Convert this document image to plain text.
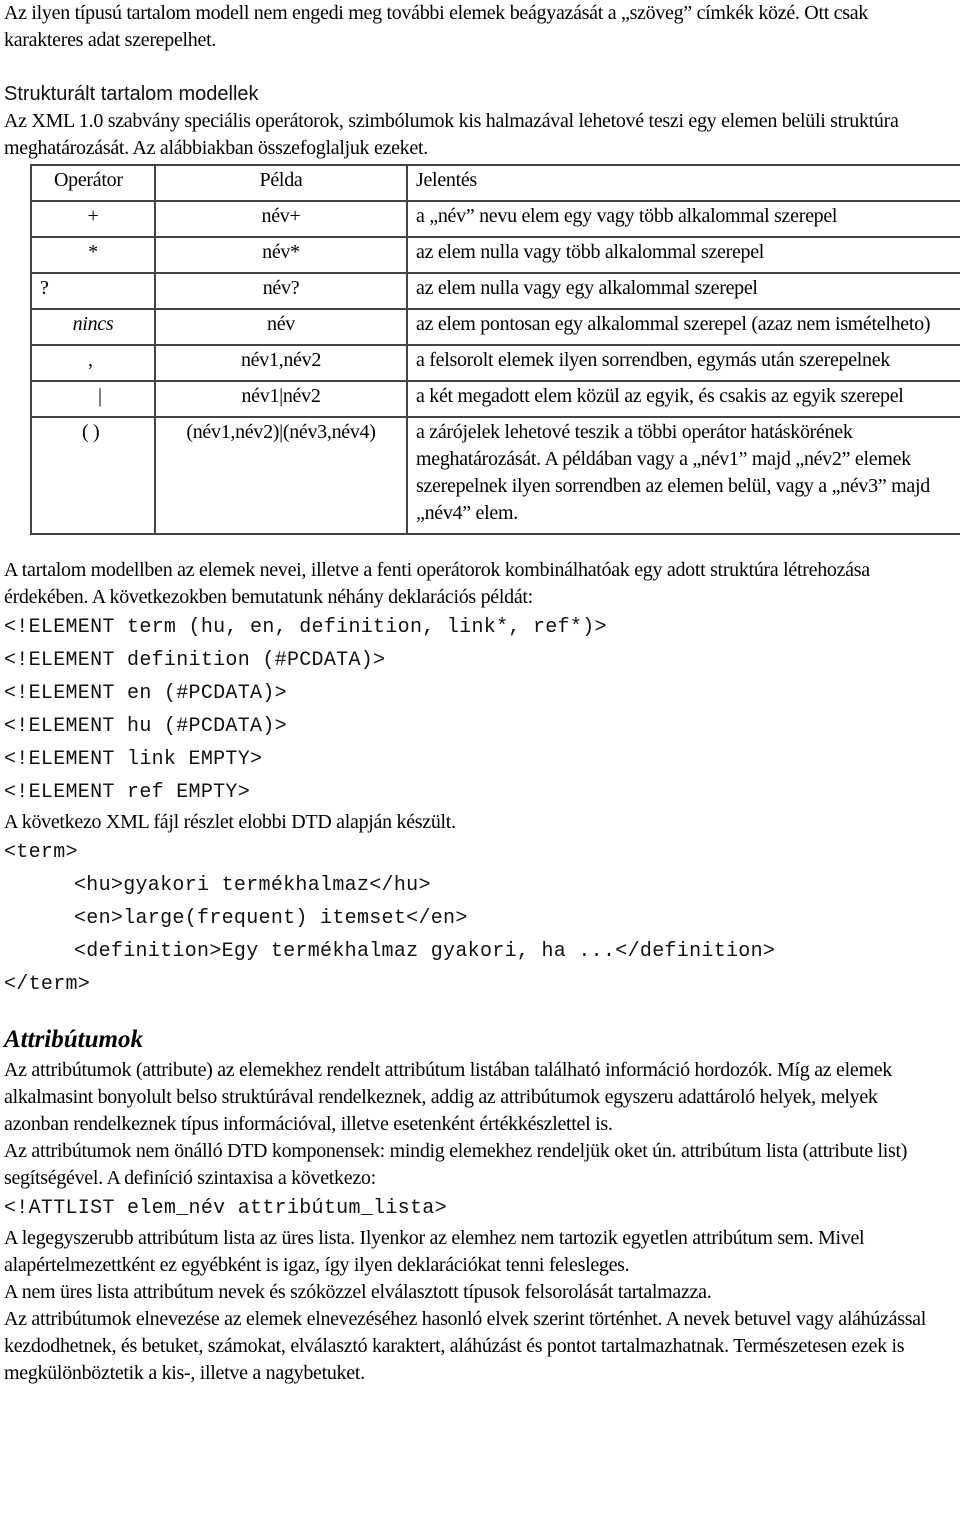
Az ilyen típusú tartalom modell nem engedi meg további elemek beágyazását a „szöveg” címkék közé. Ott csak karakteres adat szerepelhet.

Strukturált tartalom modellek

Az XML 1.0 szabvány speciális operátorok, szimbólumok kis halmazával lehetové teszi egy elemen belüli struktúra meghatározását. Az alábbiakban összefoglaljuk ezeket.

Operátor	Példa	Jelentés
+	név+	a „név” nevu elem egy vagy több alkalommal szerepel
*	név*	az elem nulla vagy több alkalommal szerepel
?	név?	az elem nulla vagy egy alkalommal szerepel
nincs	név	az elem pontosan egy alkalommal szerepel (azaz nem ismételheto)
,	név1,név2	a felsorolt elemek ilyen sorrendben, egymás után szerepelnek
|	név1|név2	a két megadott elem közül az egyik, és csakis az egyik szerepel
( )	(név1,név2)|(név3,név4)	a zárójelek lehetové teszik a többi operátor hatáskörének meghatározását. A példában vagy a „név1” majd „név2” elemek szerepelnek ilyen sorrendben az elemen belül, vagy a „név3” majd „név4” elem.

A tartalom modellben az elemek nevei, illetve a fenti operátorok kombinálhatóak egy adott struktúra létrehozása érdekében. A következokben bemutatunk néhány deklarációs példát:

<!ELEMENT term (hu, en, definition, link*, ref*)>
<!ELEMENT definition (#PCDATA)>
<!ELEMENT en (#PCDATA)>
<!ELEMENT hu (#PCDATA)>
<!ELEMENT link EMPTY>
<!ELEMENT ref EMPTY>

A következo XML fájl részlet elobbi DTD alapján készült.

<term>
<hu>gyakori termékhalmaz</hu>
<en>large(frequent) itemset</en>
<definition>Egy termékhalmaz gyakori, ha ...</definition>
</term>
Attribútumok

Az attribútumok (attribute) az elemekhez rendelt attribútum listában található információ hordozók. Míg az elemek alkalmasint bonyolult belso struktúrával rendelkeznek, addig az attribútumok egyszeru adattároló helyek, melyek azonban rendelkeznek típus információval, illetve esetenként értékkészlettel is.

Az attribútumok nem önálló DTD komponensek: mindig elemekhez rendeljük oket ún. attribútum lista (attribute list) segítségével. A definíció szintaxisa a következo:

<!ATTLIST elem_név attribútum_lista>

A legegyszerubb attribútum lista az üres lista. Ilyenkor az elemhez nem tartozik egyetlen attribútum sem. Mivel alapértelmezettként ez egyébként is igaz, így ilyen deklarációkat tenni felesleges.

A nem üres lista attribútum nevek és szóközzel elválasztott típusok felsorolását tartalmazza.

Az attribútumok elnevezése az elemek elnevezéséhez hasonló elvek szerint történhet. A nevek betuvel vagy aláhúzással kezdodhetnek, és betuket, számokat, elválasztó karaktert, aláhúzást és pontot tartalmazhatnak. Természetesen ezek is megkülönböztetik a kis-, illetve a nagybetuket.
